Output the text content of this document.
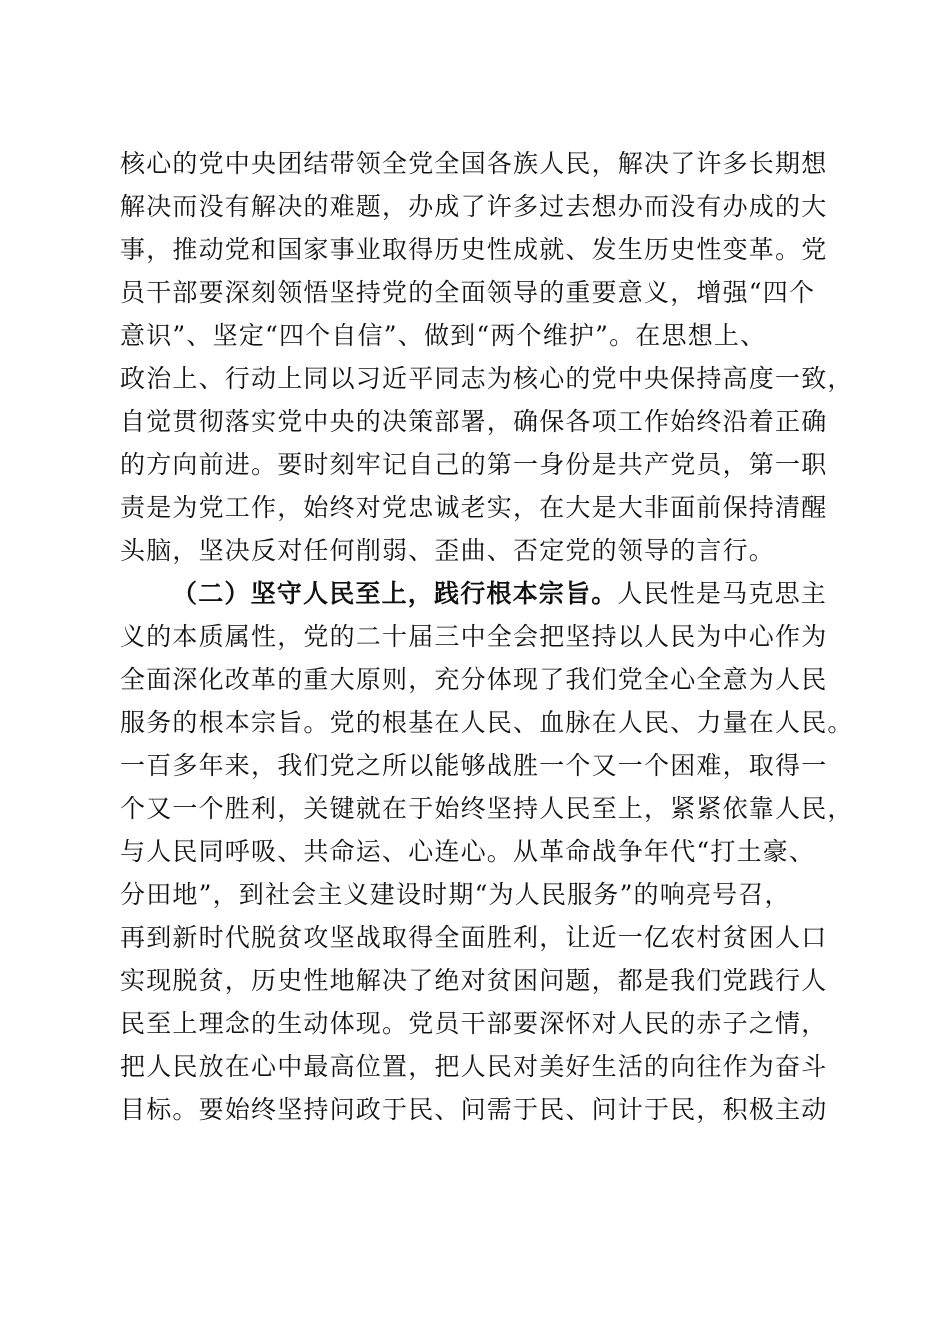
核心的党中央团结带领全党全国各族人民，解决了许多长期想
解决而没有解决的难题，办成了许多过去想办而没有办成的大
事，推动党和国家事业取得历史性成就、发生历史性变革。党
员干部要深刻领悟坚持党的全面领导的重要意义，增强“四个
意识”、坚定“四个自信”、做到“两个维护”。在思想上、
政治上、行动上同以习近平同志为核心的党中央保持高度一致，
自觉贯彻落实党中央的决策部署，确保各项工作始终沿着正确
的方向前进。要时刻牢记自己的第一身份是共产党员，第一职
责是为党工作，始终对党忠诚老实，在大是大非面前保持清醒
头脑，坚决反对任何削弱、歪曲、否定党的领导的言行。
（二）坚守人民至上，践行根本宗旨。人民性是马克思主
义的本质属性，党的二十届三中全会把坚持以人民为中心作为
全面深化改革的重大原则，充分体现了我们党全心全意为人民
服务的根本宗旨。党的根基在人民、血脉在人民、力量在人民。
一百多年来，我们党之所以能够战胜一个又一个困难，取得一
个又一个胜利，关键就在于始终坚持人民至上，紧紧依靠人民，
与人民同呼吸、共命运、心连心。从革命战争年代“打土豪、
分田地”，到社会主义建设时期“为人民服务”的响亮号召，
再到新时代脱贫攻坚战取得全面胜利，让近一亿农村贫困人口
实现脱贫，历史性地解决了绝对贫困问题，都是我们党践行人
民至上理念的生动体现。党员干部要深怀对人民的赤子之情，
把人民放在心中最高位置，把人民对美好生活的向往作为奋斗
目标。要始终坚持问政于民、问需于民、问计于民，积极主动
